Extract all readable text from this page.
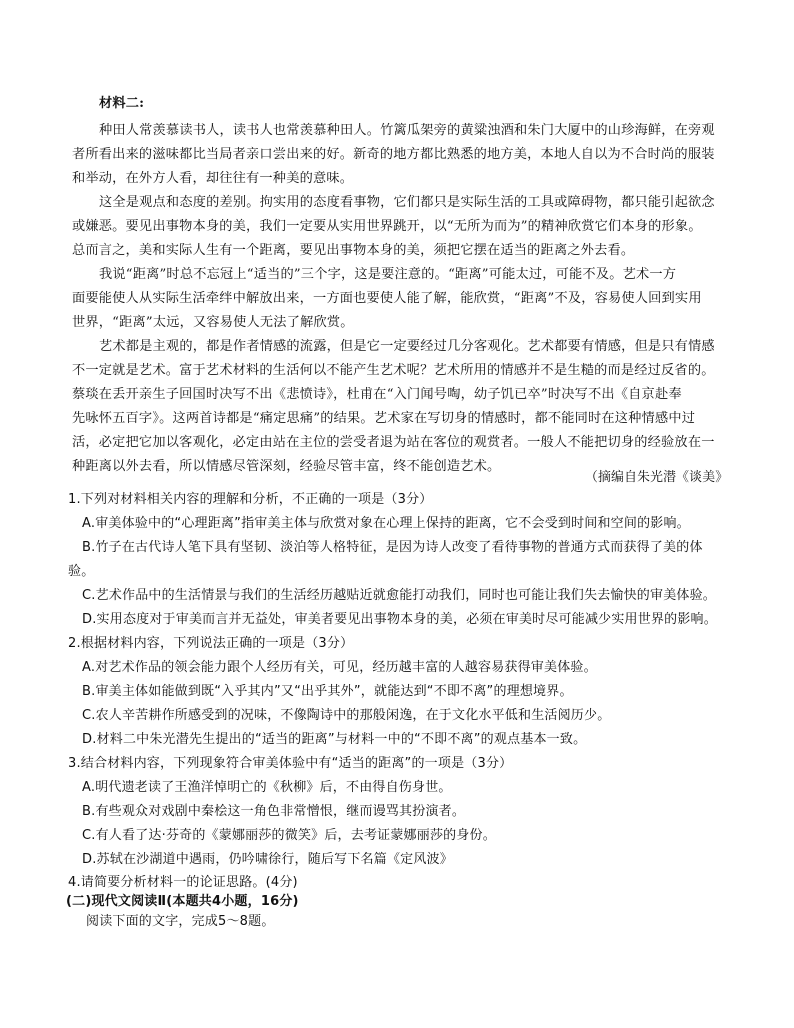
材料二:
种田人常羡慕读书人，读书人也常羡慕种田人。竹篱瓜架旁的黄粱浊酒和朱门大厦中的山珍海鲜，在旁观
者所看出来的滋味都比当局者亲口尝出来的好。新奇的地方都比熟悉的地方美，本地人自以为不合时尚的服装
和举动，在外方人看，却往往有一种美的意味。
这全是观点和态度的差别。拘实用的态度看事物，它们都只是实际生活的工具或障碍物，都只能引起欲念
或嫌恶。要见出事物本身的美，我们一定要从实用世界跳开，以“无所为而为”的精神欣赏它们本身的形象。
总而言之，美和实际人生有一个距离，要见出事物本身的美，须把它摆在适当的距离之外去看。
我说“距离”时总不忘冠上“适当的”三个字，这是要注意的。“距离”可能太过，可能不及。艺术一方
面要能使人从实际生活牵绊中解放出来，一方面也要使人能了解，能欣赏，“距离”不及，容易使人回到实用
世界，“距离”太远，又容易使人无法了解欣赏。
艺术都是主观的，都是作者情感的流露，但是它一定要经过几分客观化。艺术都要有情感，但是只有情感
不一定就是艺术。富于艺术材料的生活何以不能产生艺术呢？艺术所用的情感并不是生糙的而是经过反省的。
蔡琰在丢开亲生子回国时决写不出《悲愤诗》，杜甫在“入门闻号啕，幼子饥已卒”时决写不出《自京赴奉
先咏怀五百字》。这两首诗都是“痛定思痛”的结果。艺术家在写切身的情感时，都不能同时在这种情感中过
活，必定把它加以客观化，必定由站在主位的尝受者退为站在客位的观赏者。一般人不能把切身的经验放在一
种距离以外去看，所以情感尽管深刻，经验尽管丰富，终不能创造艺术。
（摘编自朱光潜《谈美》
1.下列对材料相关内容的理解和分析，不正确的一项是（3分）
A.审美体验中的“心理距离”指审美主体与欣赏对象在心理上保持的距离，它不会受到时间和空间的影响。
B.竹子在古代诗人笔下具有坚韧、淡泊等人格特征，是因为诗人改变了看待事物的普通方式而获得了美的体
验。
C.艺术作品中的生活情景与我们的生活经历越贴近就愈能打动我们，同时也可能让我们失去愉快的审美体验。
D.实用态度对于审美而言并无益处，审美者要见出事物本身的美，必须在审美时尽可能减少实用世界的影响。
2.根据材料内容，下列说法正确的一项是（3分）
A.对艺术作品的领会能力跟个人经历有关，可见，经历越丰富的人越容易获得审美体验。
B.审美主体如能做到既“入乎其内”又“出乎其外”，就能达到“不即不离”的理想境界。
C.农人辛苦耕作所感受到的况味，不像陶诗中的那般闲逸，在于文化水平低和生活阅历少。
D.材料二中朱光潜先生提出的“适当的距离”与材料一中的“不即不离”的观点基本一致。
3.结合材料内容，下列现象符合审美体验中有“适当的距离”的一项是（3分）
A.明代遗老读了王渔洋悼明亡的《秋柳》后，不由得自伤身世。
B.有些观众对戏剧中秦桧这一角色非常憎恨，继而谩骂其扮演者。
C.有人看了达·芬奇的《蒙娜丽莎的微笑》后，去考证蒙娜丽莎的身份。
D.苏轼在沙湖道中遇雨，仍吟啸徐行，随后写下名篇《定风波》
4.请简要分析材料一的论证思路。(4分)
(二)现代文阅读Ⅱ(本题共4小题，16分)
阅读下面的文字，完成5～8题。
